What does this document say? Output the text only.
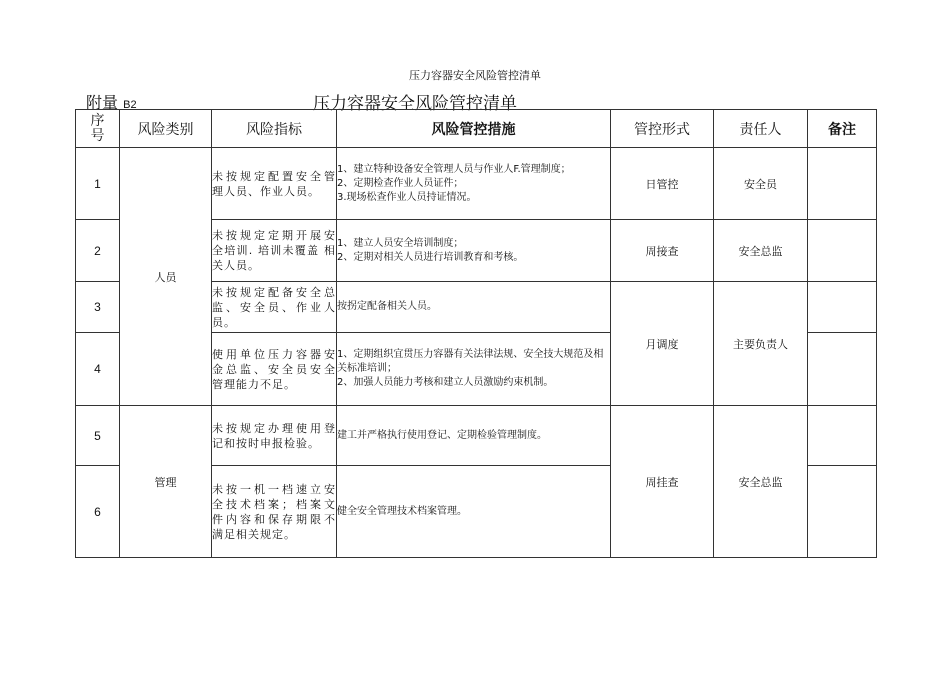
压力容器安全风险管控清单
附量 B2	压力容器安全风险管控清单
序
号	风险类别	风险指标	风险管控措施	管控形式	责任人	备注
1	人员	未按规定配置安全管 理人员、作业人员。	1、建立特种设备安全管理人员与作业人F.管理制度；
2、定期检查作业人员证件；
3.现场松查作业人员持证情况。	日管控	安全员	
2		未按规定定期开展安 全培训. 培训未覆盖 相关人员。	1、建立人员安全培训制度；
2、定期对相关人员进行培训教育和考核。	周接查	安全总监	
3		未按规定配备安全总 监、安全员、作业人 员。	按拐定配备相关人员。	月调度	主要负责人	
4		使用单位压力容器安 金总监、安全员安全 管理能力不足。	1、定期组织宜贯压力容器有关法律法规、安全技大规范及相关标准培训；
2、加强人员能力考核和建立人员激励约束机制。			

5	管理	未按规定办理使用登 记和按时申报检验。	建工并严格执行使用登记、定期检验管理制度。	周挂查	安全总监	
6		未按一机一档速立安 全技术档案；档案文 件内容和保存期限不 满足相关规定。	健全安全管理技术档案管理。			
